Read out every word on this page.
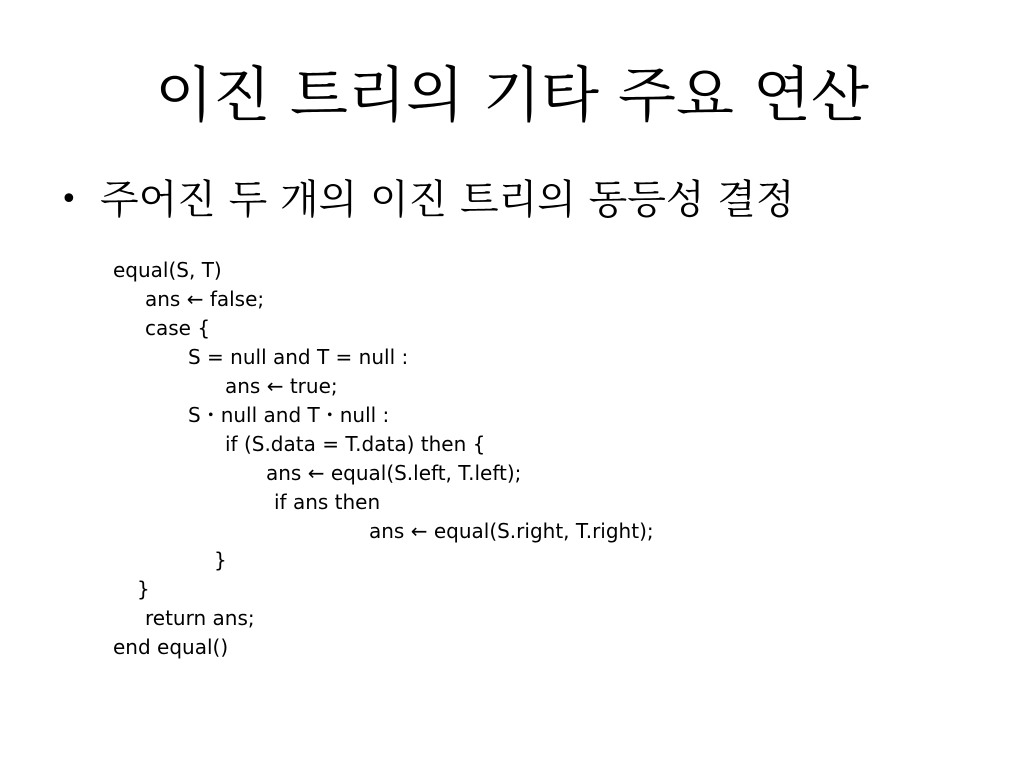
이진 트리의 기타 주요 연산
• 주어진 두 개의 이진 트리의 동등성 결정
equal(S, T)
ans ← false;
case {
S = null and T = null :
ans ← true;
S・null and T・null :
if (S.data = T.data) then {
ans ← equal(S.left, T.left);
if ans then
ans ← equal(S.right, T.right);
}
}
return ans;
end equal()
